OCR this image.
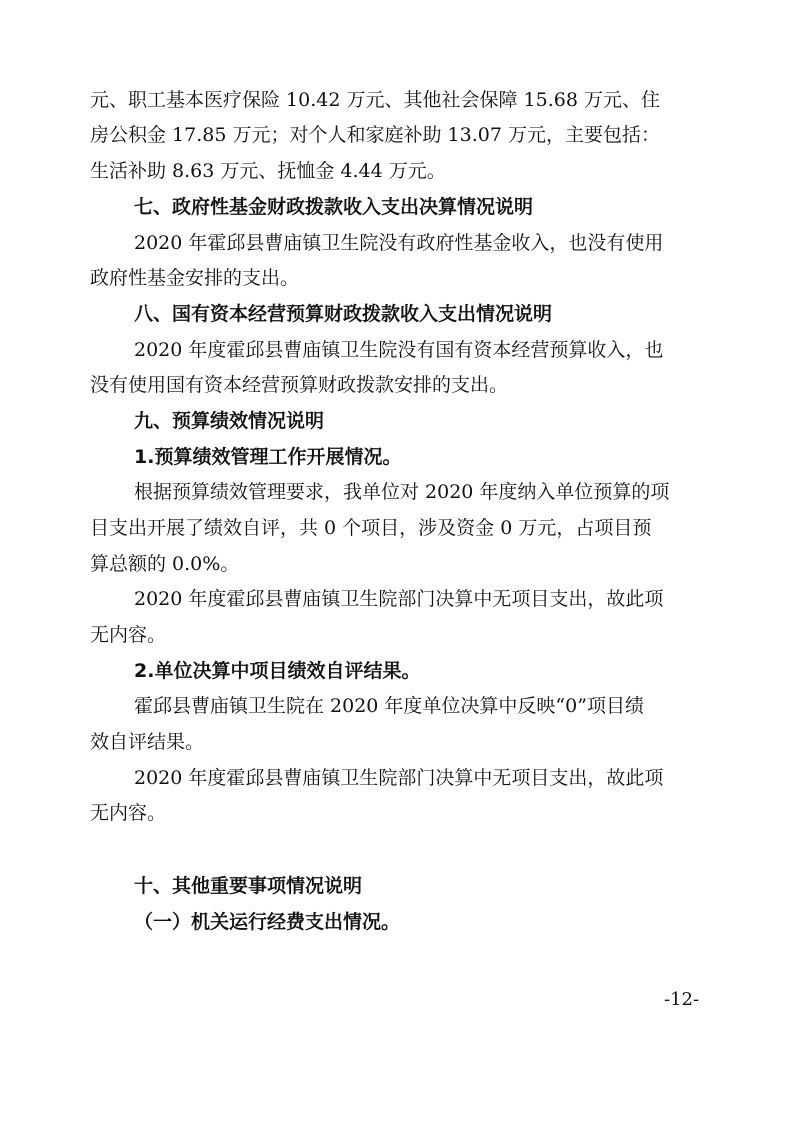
元、职工基本医疗保险 10.42 万元、其他社会保障 15.68 万元、住
房公积金 17.85 万元；对个人和家庭补助 13.07 万元，主要包括：
生活补助 8.63 万元、抚恤金 4.44 万元。
七、政府性基金财政拨款收入支出决算情况说明
2020 年霍邱县曹庙镇卫生院没有政府性基金收入，也没有使用
政府性基金安排的支出。
八、国有资本经营预算财政拨款收入支出情况说明
2020 年度霍邱县曹庙镇卫生院没有国有资本经营预算收入，也
没有使用国有资本经营预算财政拨款安排的支出。
九、预算绩效情况说明
1.预算绩效管理工作开展情况。
根据预算绩效管理要求，我单位对 2020 年度纳入单位预算的项
目支出开展了绩效自评，共 0 个项目，涉及资金 0 万元，占项目预
算总额的 0.0%。
2020 年度霍邱县曹庙镇卫生院部门决算中无项目支出，故此项
无内容。
2.单位决算中项目绩效自评结果。
霍邱县曹庙镇卫生院在 2020 年度单位决算中反映“0”项目绩
效自评结果。
2020 年度霍邱县曹庙镇卫生院部门决算中无项目支出，故此项
无内容。
十、其他重要事项情况说明
（一）机关运行经费支出情况。
-12-
